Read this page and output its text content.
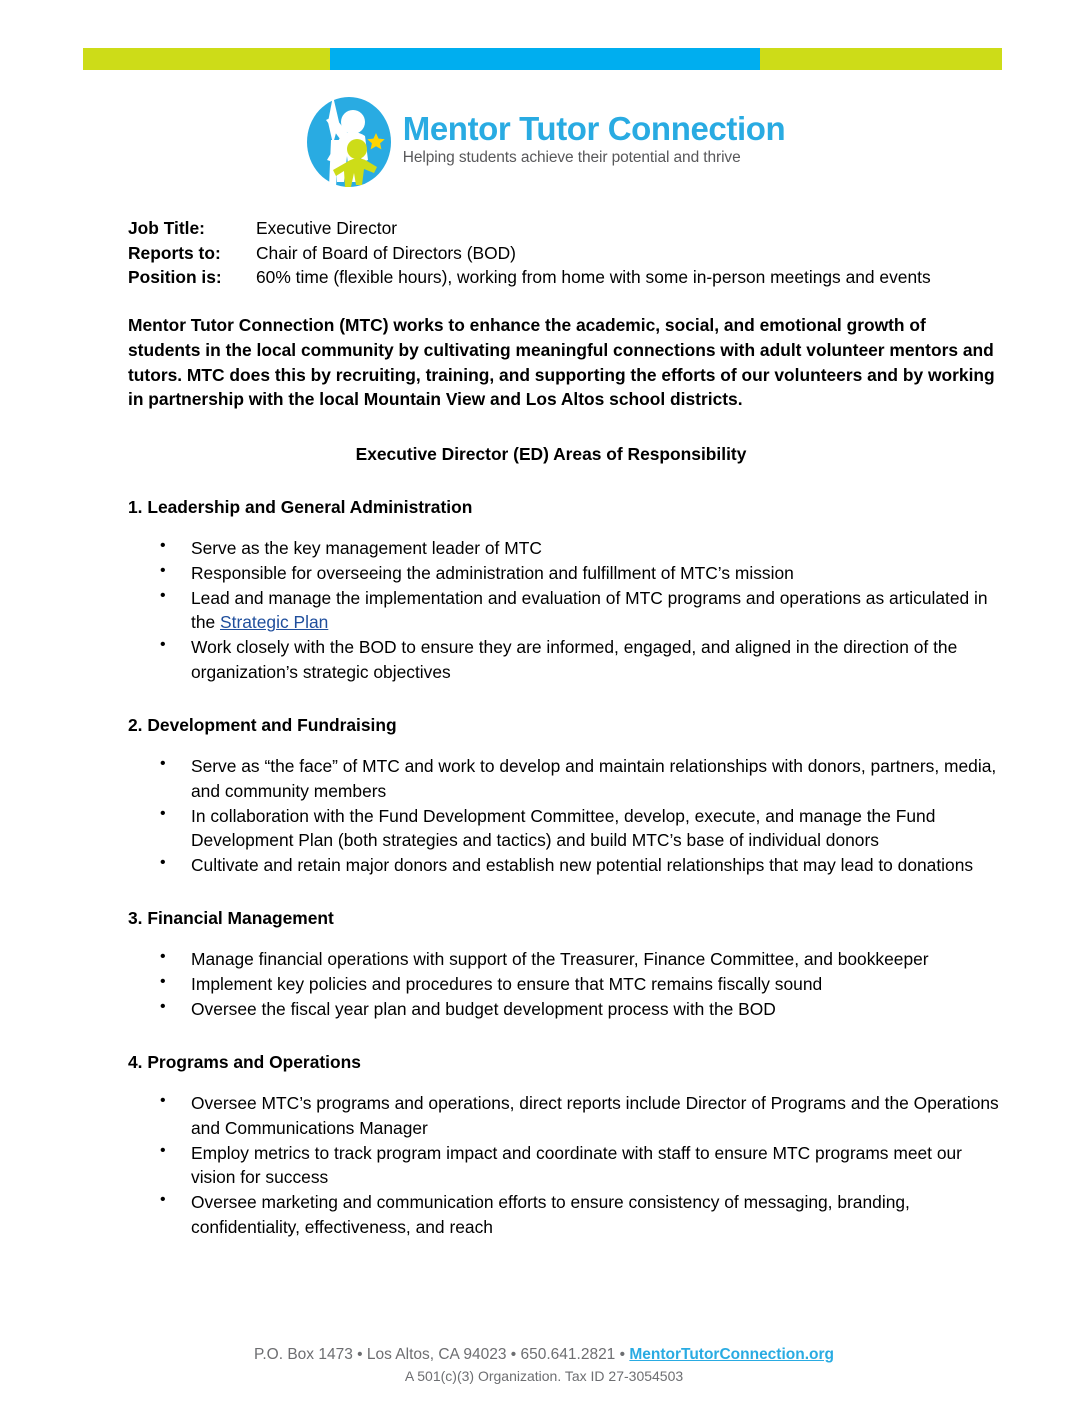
Mentor Tutor Connection
Helping students achieve their potential and thrive
Job Title:	Executive Director
Reports to:	Chair of Board of Directors (BOD)
Position is:	60% time (flexible hours), working from home with some in-person meetings and events

Mentor Tutor Connection (MTC) works to enhance the academic, social, and emotional growth of students in the local community by cultivating meaningful connections with adult volunteer mentors and tutors. MTC does this by recruiting, training, and supporting the efforts of our volunteers and by working in partnership with the local Mountain View and Los Altos school districts.

Executive Director (ED) Areas of Responsibility
1. Leadership and General Administration
• Serve as the key management leader of MTC
• Responsible for overseeing the administration and fulfillment of MTC’s mission
• Lead and manage the implementation and evaluation of MTC programs and operations as articulated in the Strategic Plan
• Work closely with the BOD to ensure they are informed, engaged, and aligned in the direction of the organization’s strategic objectives
2. Development and Fundraising
• Serve as “the face” of MTC and work to develop and maintain relationships with donors, partners, media, and community members
• In collaboration with the Fund Development Committee, develop, execute, and manage the Fund Development Plan (both strategies and tactics) and build MTC’s base of individual donors
• Cultivate and retain major donors and establish new potential relationships that may lead to donations
3. Financial Management
• Manage financial operations with support of the Treasurer, Finance Committee, and bookkeeper
• Implement key policies and procedures to ensure that MTC remains fiscally sound
• Oversee the fiscal year plan and budget development process with the BOD
4. Programs and Operations
• Oversee MTC’s programs and operations, direct reports include Director of Programs and the Operations and Communications Manager
• Employ metrics to track program impact and coordinate with staff to ensure MTC programs meet our vision for success
• Oversee marketing and communication efforts to ensure consistency of messaging, branding, confidentiality, effectiveness, and reach
P.O. Box 1473 • Los Altos, CA 94023 • 650.641.2821 • MentorTutorConnection.org
A 501(c)(3) Organization. Tax ID 27-3054503
